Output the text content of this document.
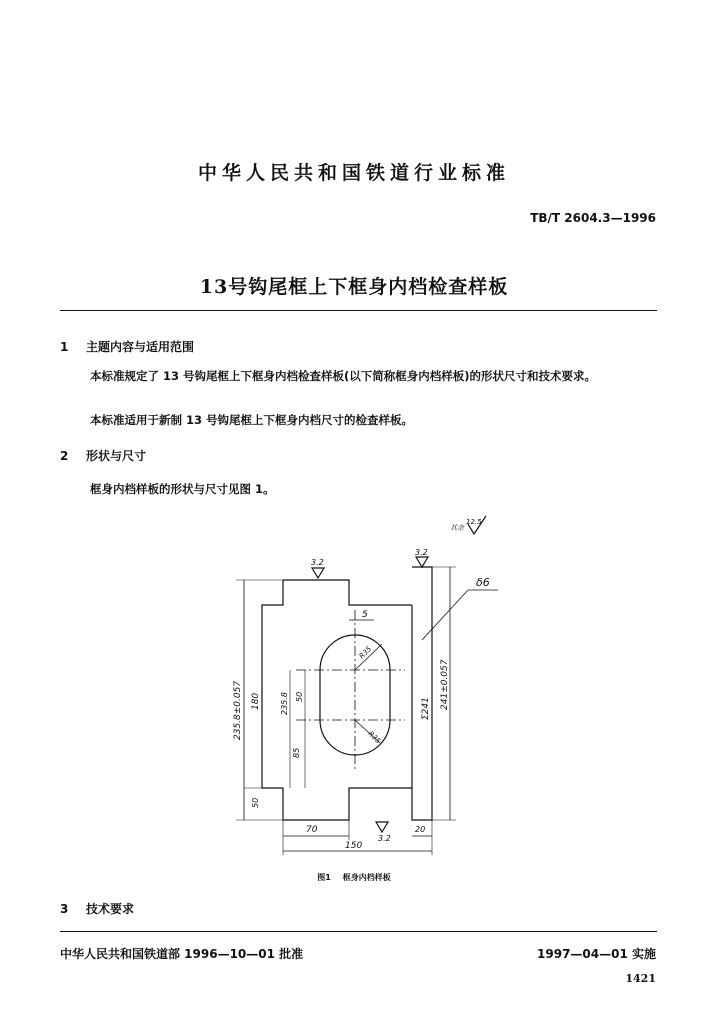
中华人民共和国铁道行业标准
TB/T 2604.3—1996
13号钩尾框上下框身内档检查样板
1 主题内容与适用范围
本标准规定了 13 号钩尾框上下框身内档检查样板(以下简称框身内档样板)的形状尺寸和技术要求。
本标准适用于新制 13 号钩尾框上下框身内档尺寸的检查样板。
2 形状与尺寸
框身内档样板的形状与尺寸见图 1。
其余
12.5
3.2
3.2
3.2
δ6
5
R35
R35
235.8±0.057 180 235.8 50
85
50
Σ241 241±0.057
70	20
150
图1 框身内档样板
3 技术要求
中华人民共和国铁道部 1996—10—01 批准	1997—04—01 实施
1421
